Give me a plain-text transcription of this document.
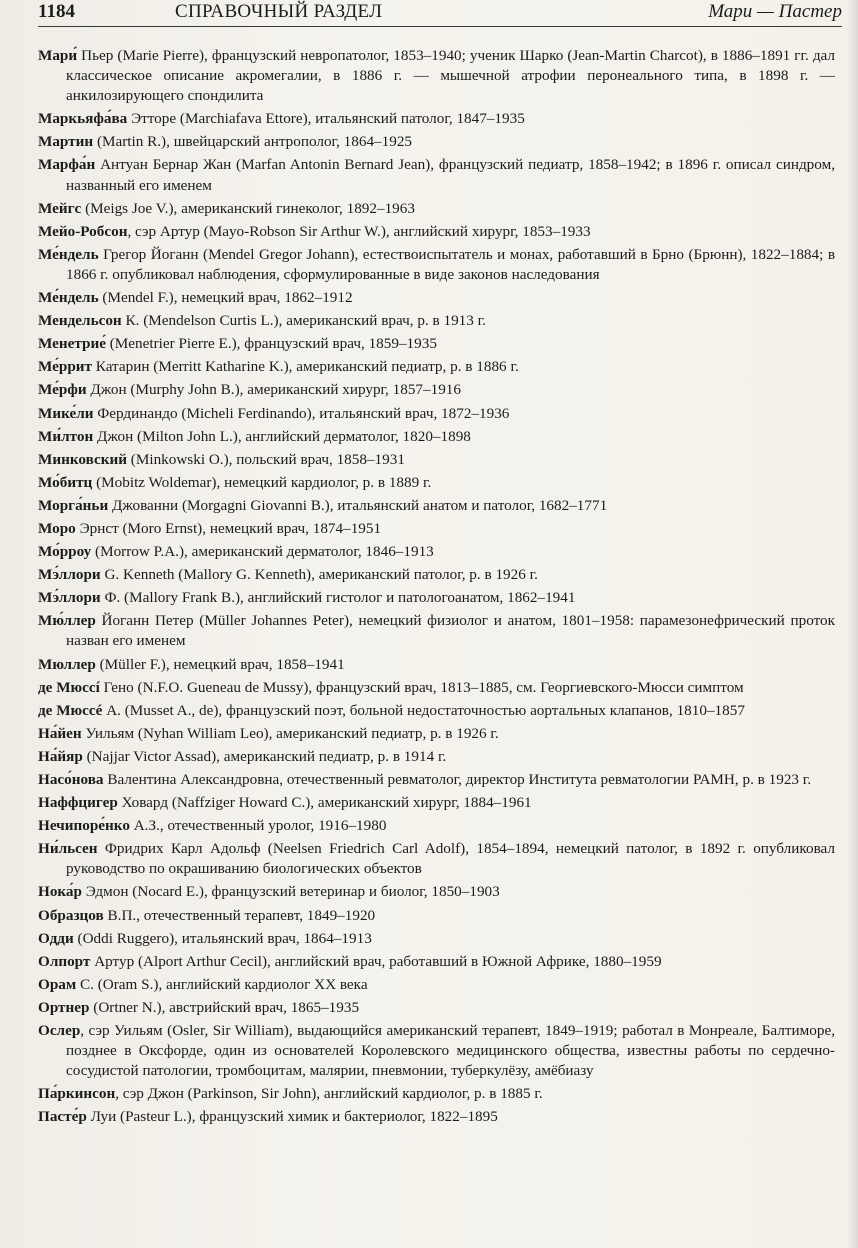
1184	СПРАВОЧНЫЙ РАЗДЕЛ	Мари — Пастер

Мари́ Пьер (Marie Pierre), французский невропатолог, 1853–1940; ученик Шарко (Jean-Martin Charcot), в 1886–1891 гг. дал классическое описание акромегалии, в 1886 г. — мышечной атрофии перонеального типа, в 1898 г. — анкилозирующего спондилита

Маркьяфа́ва Этторе (Marchiafava Ettore), итальянский патолог, 1847–1935

Мартин (Martin R.), швейцарский антрополог, 1864–1925

Марфа́н Антуан Бернар Жан (Marfan Antonin Bernard Jean), французский педиатр, 1858–1942; в 1896 г. описал синдром, названный его именем

Мейгс (Meigs Joe V.), американский гинеколог, 1892–1963

Мейо-Робсон, сэр Артур (Mayo-Robson Sir Arthur W.), английский хирург, 1853–1933

Ме́ндель Грегор Йоганн (Mendel Gregor Johann), естествоиспытатель и монах, работавший в Брно (Брюнн), 1822–1884; в 1866 г. опубликовал наблюдения, сформулированные в виде законов наследования

Ме́ндель (Mendel F.), немецкий врач, 1862–1912

Мендельсон К. (Mendelson Curtis L.), американский врач, р. в 1913 г.

Менетрие́ (Menetrier Pierre E.), французский врач, 1859–1935

Ме́ррит Катарин (Merritt Katharine K.), американский педиатр, р. в 1886 г.

Ме́рфи Джон (Murphy John B.), американский хирург, 1857–1916

Мике́ли Фердинандо (Micheli Ferdinando), итальянский врач, 1872–1936

Ми́лтон Джон (Milton John L.), английский дерматолог, 1820–1898

Минковский (Minkowski O.), польский врач, 1858–1931

Мо́битц (Mobitz Woldemar), немецкий кардиолог, р. в 1889 г.

Морга́ньи Джованни (Morgagni Giovanni B.), итальянский анатом и патолог, 1682–1771

Моро Эрнст (Moro Ernst), немецкий врач, 1874–1951

Мо́рроу (Morrow P.A.), американский дерматолог, 1846–1913

Мэ́ллори G. Kenneth (Mallory G. Kenneth), американский патолог, р. в 1926 г.

Мэ́ллори Ф. (Mallory Frank B.), английский гистолог и патологоанатом, 1862–1941

Мю́ллер Йоганн Петер (Müller Johannes Peter), немецкий физиолог и анатом, 1801–1958: парамезонефрический проток назван его именем

Мюллер (Müller F.), немецкий врач, 1858–1941

де Мюссí Гено (N.F.O. Gueneau de Mussy), французский врач, 1813–1885, см. Георгиевского-Мюсси симптом

де Мюссé А. (Musset A., de), французский поэт, больной недостаточностью аортальных клапанов, 1810–1857

На́йен Уильям (Nyhan William Leo), американский педиатр, р. в 1926 г.

На́йяр (Najjar Victor Assad), американский педиатр, р. в 1914 г.

Насо́нова Валентина Александровна, отечественный ревматолог, директор Института ревматологии РАМН, р. в 1923 г.

Наффцигер Ховард (Naffziger Howard C.), американский хирург, 1884–1961

Нечипоре́нко А.З., отечественный уролог, 1916–1980

Ни́льсен Фридрих Карл Адольф (Neelsen Friedrich Carl Adolf), 1854–1894, немецкий патолог, в 1892 г. опубликовал руководство по окрашиванию биологических объектов

Нока́р Эдмон (Nocard E.), французский ветеринар и биолог, 1850–1903

Образцов В.П., отечественный терапевт, 1849–1920

Одди (Oddi Ruggero), итальянский врач, 1864–1913

Олпорт Артур (Alport Arthur Cecil), английский врач, работавший в Южной Африке, 1880–1959

Орам С. (Oram S.), английский кардиолог XX века

Ортнер (Ortner N.), австрийский врач, 1865–1935

Ослер, сэр Уильям (Osler, Sir William), выдающийся американский терапевт, 1849–1919; работал в Монреале, Балтиморе, позднее в Оксфорде, один из основателей Королевского медицинского общества, известны работы по сердечно-сосудистой патологии, тромбоцитам, малярии, пневмонии, туберкулёзу, амёбиазу

Па́ркинсон, сэр Джон (Parkinson, Sir John), английский кардиолог, р. в 1885 г.

Пасте́р Луи (Pasteur L.), французский химик и бактериолог, 1822–1895
